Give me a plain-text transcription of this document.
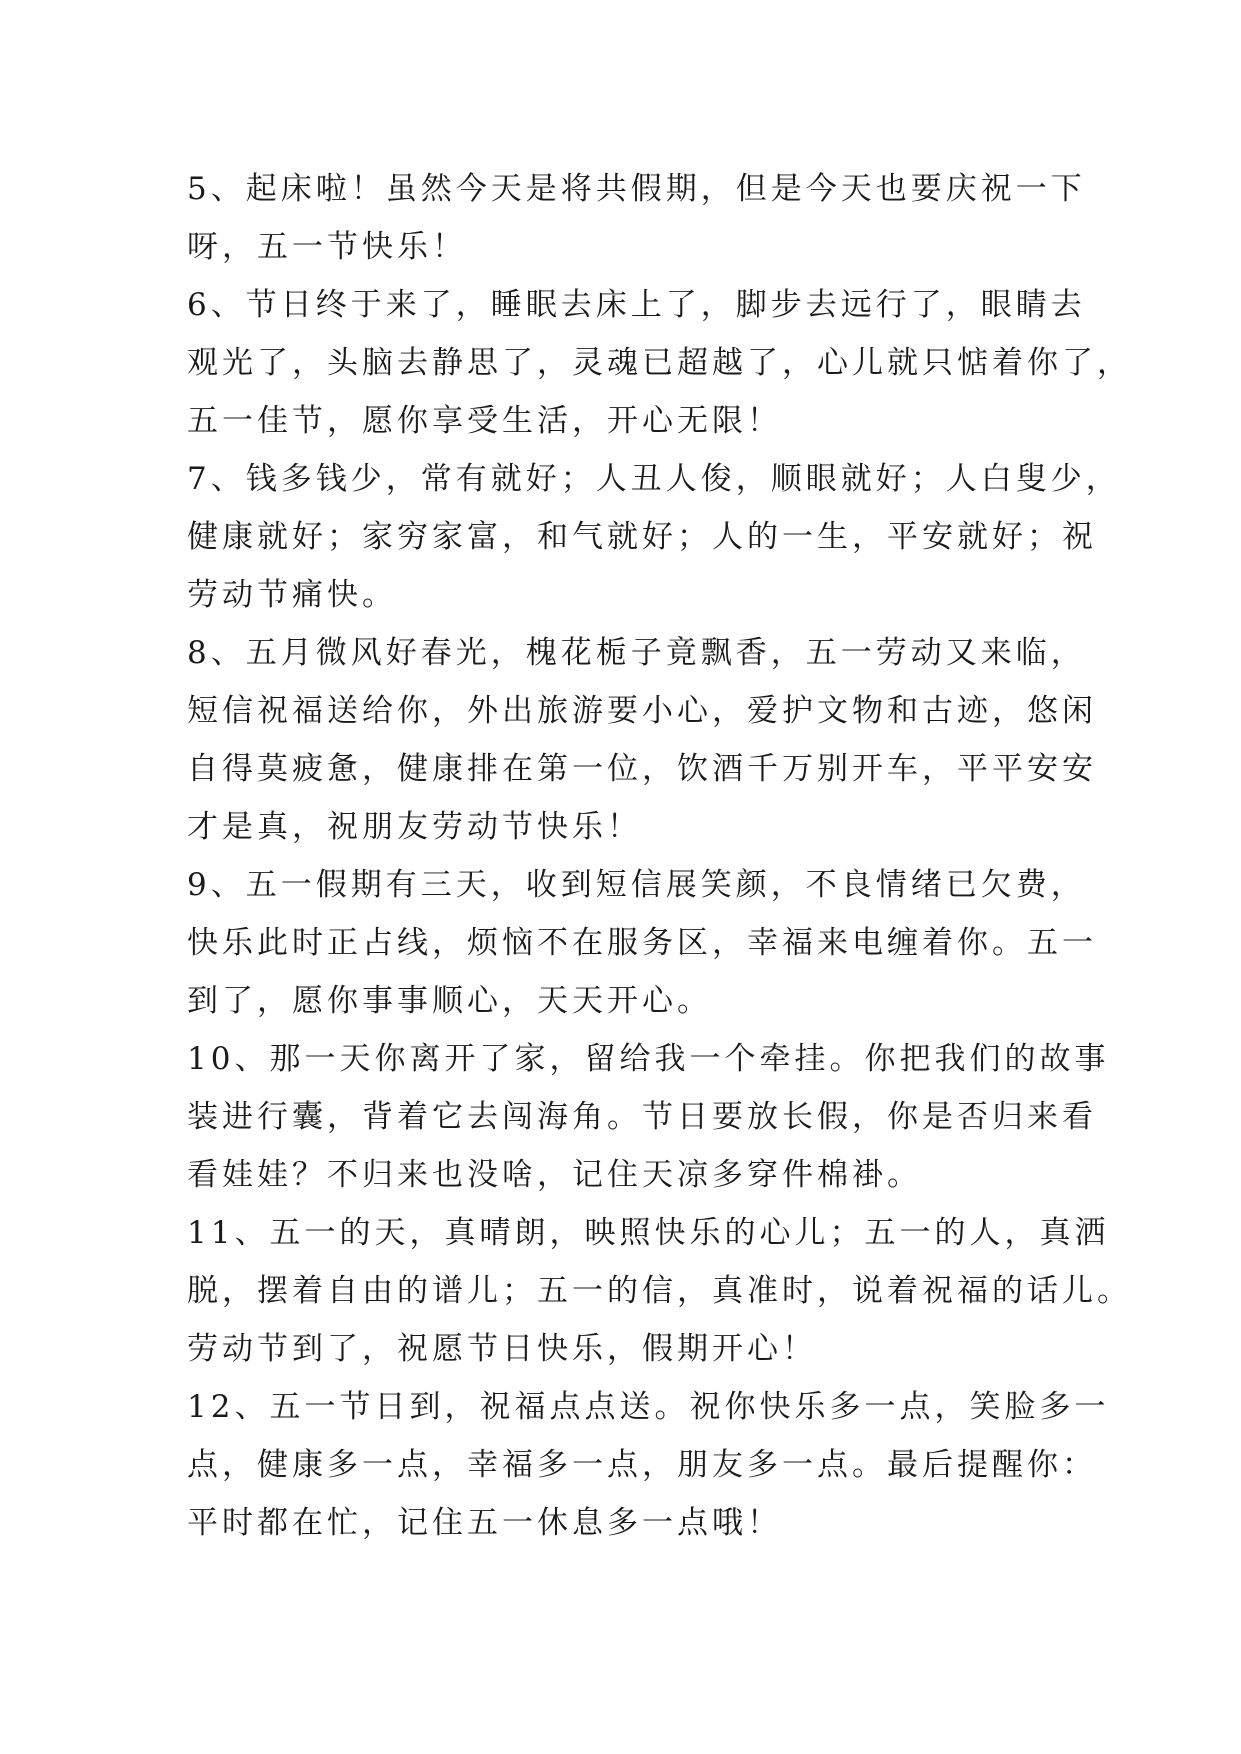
5、起床啦！虽然今天是将共假期，但是今天也要庆祝一下
呀，五一节快乐！
6、节日终于来了，睡眠去床上了，脚步去远行了，眼睛去
观光了，头脑去静思了，灵魂已超越了，心儿就只惦着你了，
五一佳节，愿你享受生活，开心无限！
7、钱多钱少，常有就好；人丑人俊，顺眼就好；人白叟少，
健康就好；家穷家富，和气就好；人的一生，平安就好；祝
劳动节痛快。
8、五月微风好春光，槐花栀子竟飘香，五一劳动又来临，
短信祝福送给你，外出旅游要小心，爱护文物和古迹，悠闲
自得莫疲惫，健康排在第一位，饮酒千万别开车，平平安安
才是真，祝朋友劳动节快乐！
9、五一假期有三天，收到短信展笑颜，不良情绪已欠费，
快乐此时正占线，烦恼不在服务区，幸福来电缠着你。五一
到了，愿你事事顺心，天天开心。
10、那一天你离开了家，留给我一个牵挂。你把我们的故事
装进行囊，背着它去闯海角。节日要放长假，你是否归来看
看娃娃？不归来也没啥，记住天凉多穿件棉褂。
11、五一的天，真晴朗，映照快乐的心儿；五一的人，真洒
脱，摆着自由的谱儿；五一的信，真准时，说着祝福的话儿。
劳动节到了，祝愿节日快乐，假期开心！
12、五一节日到，祝福点点送。祝你快乐多一点，笑脸多一
点，健康多一点，幸福多一点，朋友多一点。最后提醒你：
平时都在忙，记住五一休息多一点哦！
